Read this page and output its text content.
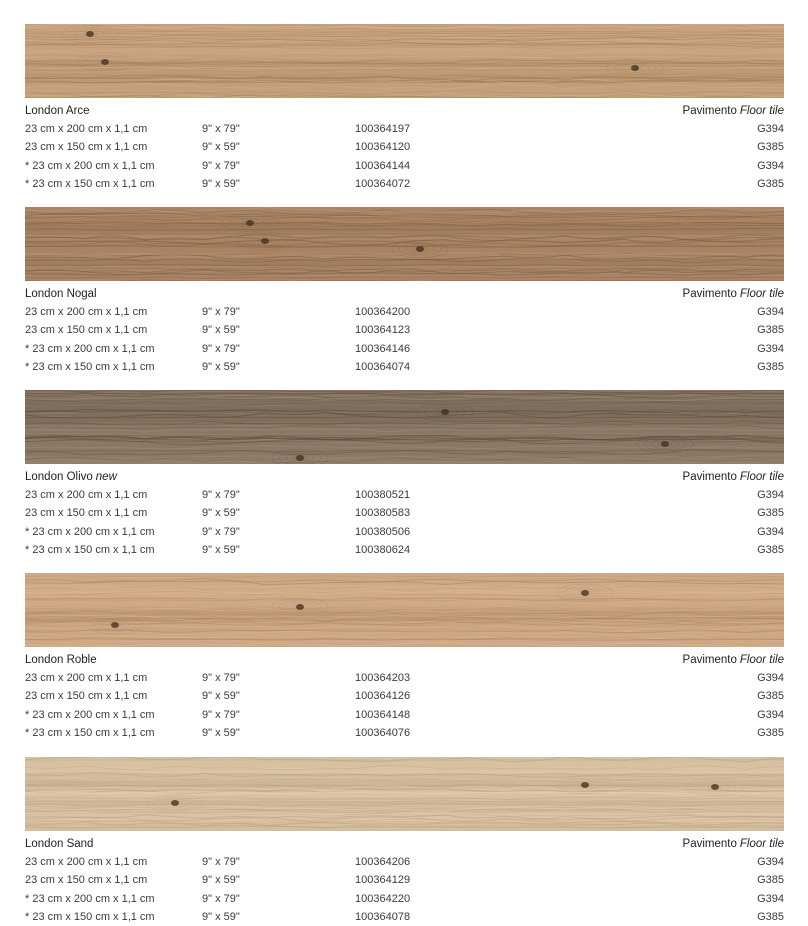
London Arce	Pavimento Floor tile
23 cm x 200 cm x 1,1 cm	9" x 79"	100364197	G394
23 cm x 150 cm x 1,1 cm	9" x 59"	100364120	G385
* 23 cm x 200 cm x 1,1 cm	9" x 79"	100364144	G394
* 23 cm x 150 cm x 1,1 cm	9" x 59"	100364072	G385
London Nogal	Pavimento Floor tile
23 cm x 200 cm x 1,1 cm	9" x 79"	100364200	G394
23 cm x 150 cm x 1,1 cm	9" x 59"	100364123	G385
* 23 cm x 200 cm x 1,1 cm	9" x 79"	100364146	G394
* 23 cm x 150 cm x 1,1 cm	9" x 59"	100364074	G385
London Olivo new	Pavimento Floor tile
23 cm x 200 cm x 1,1 cm	9" x 79"	100380521	G394
23 cm x 150 cm x 1,1 cm	9" x 59"	100380583	G385
* 23 cm x 200 cm x 1,1 cm	9" x 79"	100380506	G394
* 23 cm x 150 cm x 1,1 cm	9" x 59"	100380624	G385
London Roble	Pavimento Floor tile
23 cm x 200 cm x 1,1 cm	9" x 79"	100364203	G394
23 cm x 150 cm x 1,1 cm	9" x 59"	100364126	G385
* 23 cm x 200 cm x 1,1 cm	9" x 79"	100364148	G394
* 23 cm x 150 cm x 1,1 cm	9" x 59"	100364076	G385
London Sand	Pavimento Floor tile
23 cm x 200 cm x 1,1 cm	9" x 79"	100364206	G394
23 cm x 150 cm x 1,1 cm	9" x 59"	100364129	G385
* 23 cm x 200 cm x 1,1 cm	9" x 79"	100364220	G394
* 23 cm x 150 cm x 1,1 cm	9" x 59"	100364078	G385
